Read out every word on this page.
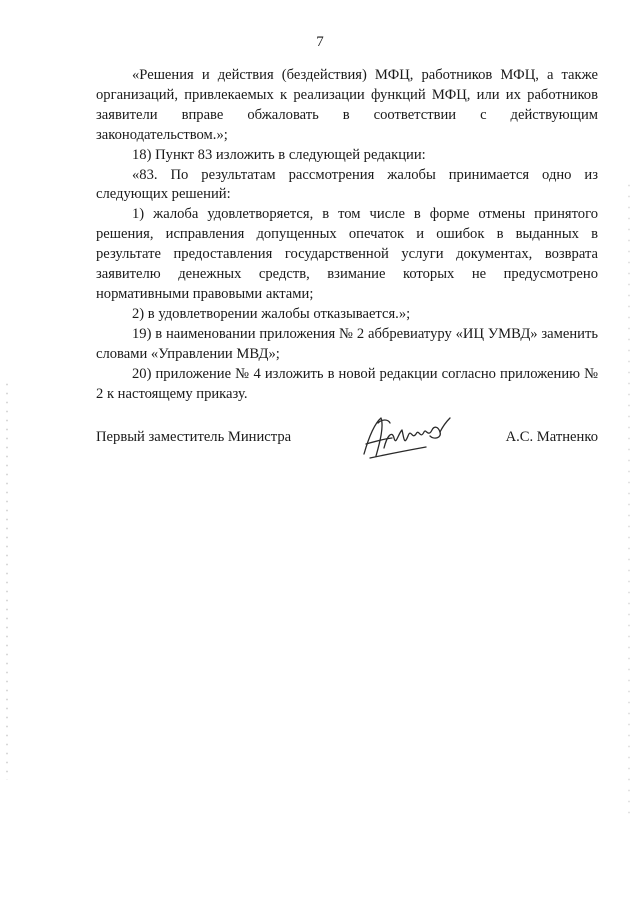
7

«Решения и действия (бездействия) МФЦ, работников МФЦ, а также организаций, привлекаемых к реализации функций МФЦ, или их работников заявители вправе обжаловать в соответствии с действующим законодательством.»;

18) Пункт 83 изложить в следующей редакции:

«83. По результатам рассмотрения жалобы принимается одно из следующих решений:

1) жалоба удовлетворяется, в том числе в форме отмены принятого решения, исправления допущенных опечаток и ошибок в выданных в результате предоставления государственной услуги документах, возврата заявителю денежных средств, взимание которых не предусмотрено нормативными правовыми актами;

2) в удовлетворении жалобы отказывается.»;

19) в наименовании приложения № 2 аббревиатуру «ИЦ УМВД» заменить словами «Управлении МВД»;

20) приложение № 4 изложить в новой редакции согласно приложению № 2 к настоящему приказу.

Первый заместитель Министра	А.С. Матненко
